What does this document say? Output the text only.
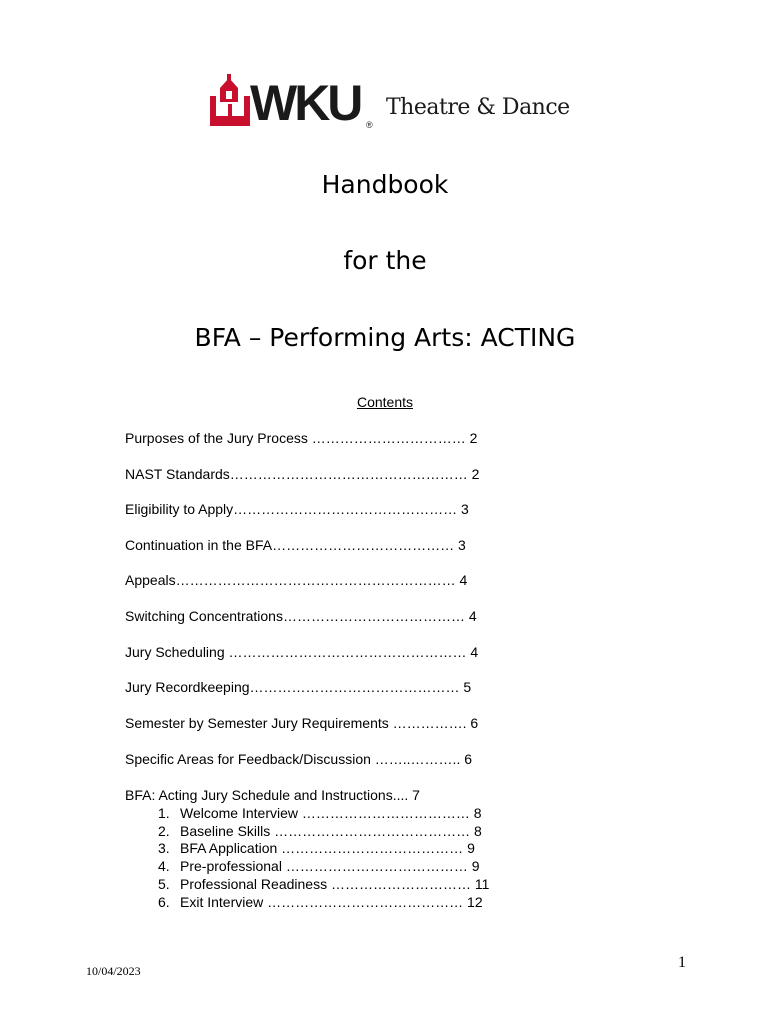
WKU ®
Theatre & Dance
Handbook
for the
BFA – Performing Arts: ACTING
Contents
Purposes of the Jury Process …………………………… 2
NAST Standards…………………………………………… 2
Eligibility to Apply………………………………………… 3
Continuation in the BFA………………………………… 3
Appeals…………………………………………………… 4
Switching Concentrations………………………………… 4
Jury Scheduling …………………………………………… 4
Jury Recordkeeping……………………………………… 5
Semester by Semester Jury Requirements ……………. 6
Specific Areas for Feedback/Discussion ……..……….. 6
BFA: Acting Jury Schedule and Instructions.... 7
1. Welcome Interview ……………………………… 8
2. Baseline Skills …………………………………… 8
3. BFA Application ………………………………… 9
4. Pre-professional ………………………………… 9
5. Professional Readiness ………………………… 11
6. Exit Interview …………………………………… 12
10/04/2023	1
